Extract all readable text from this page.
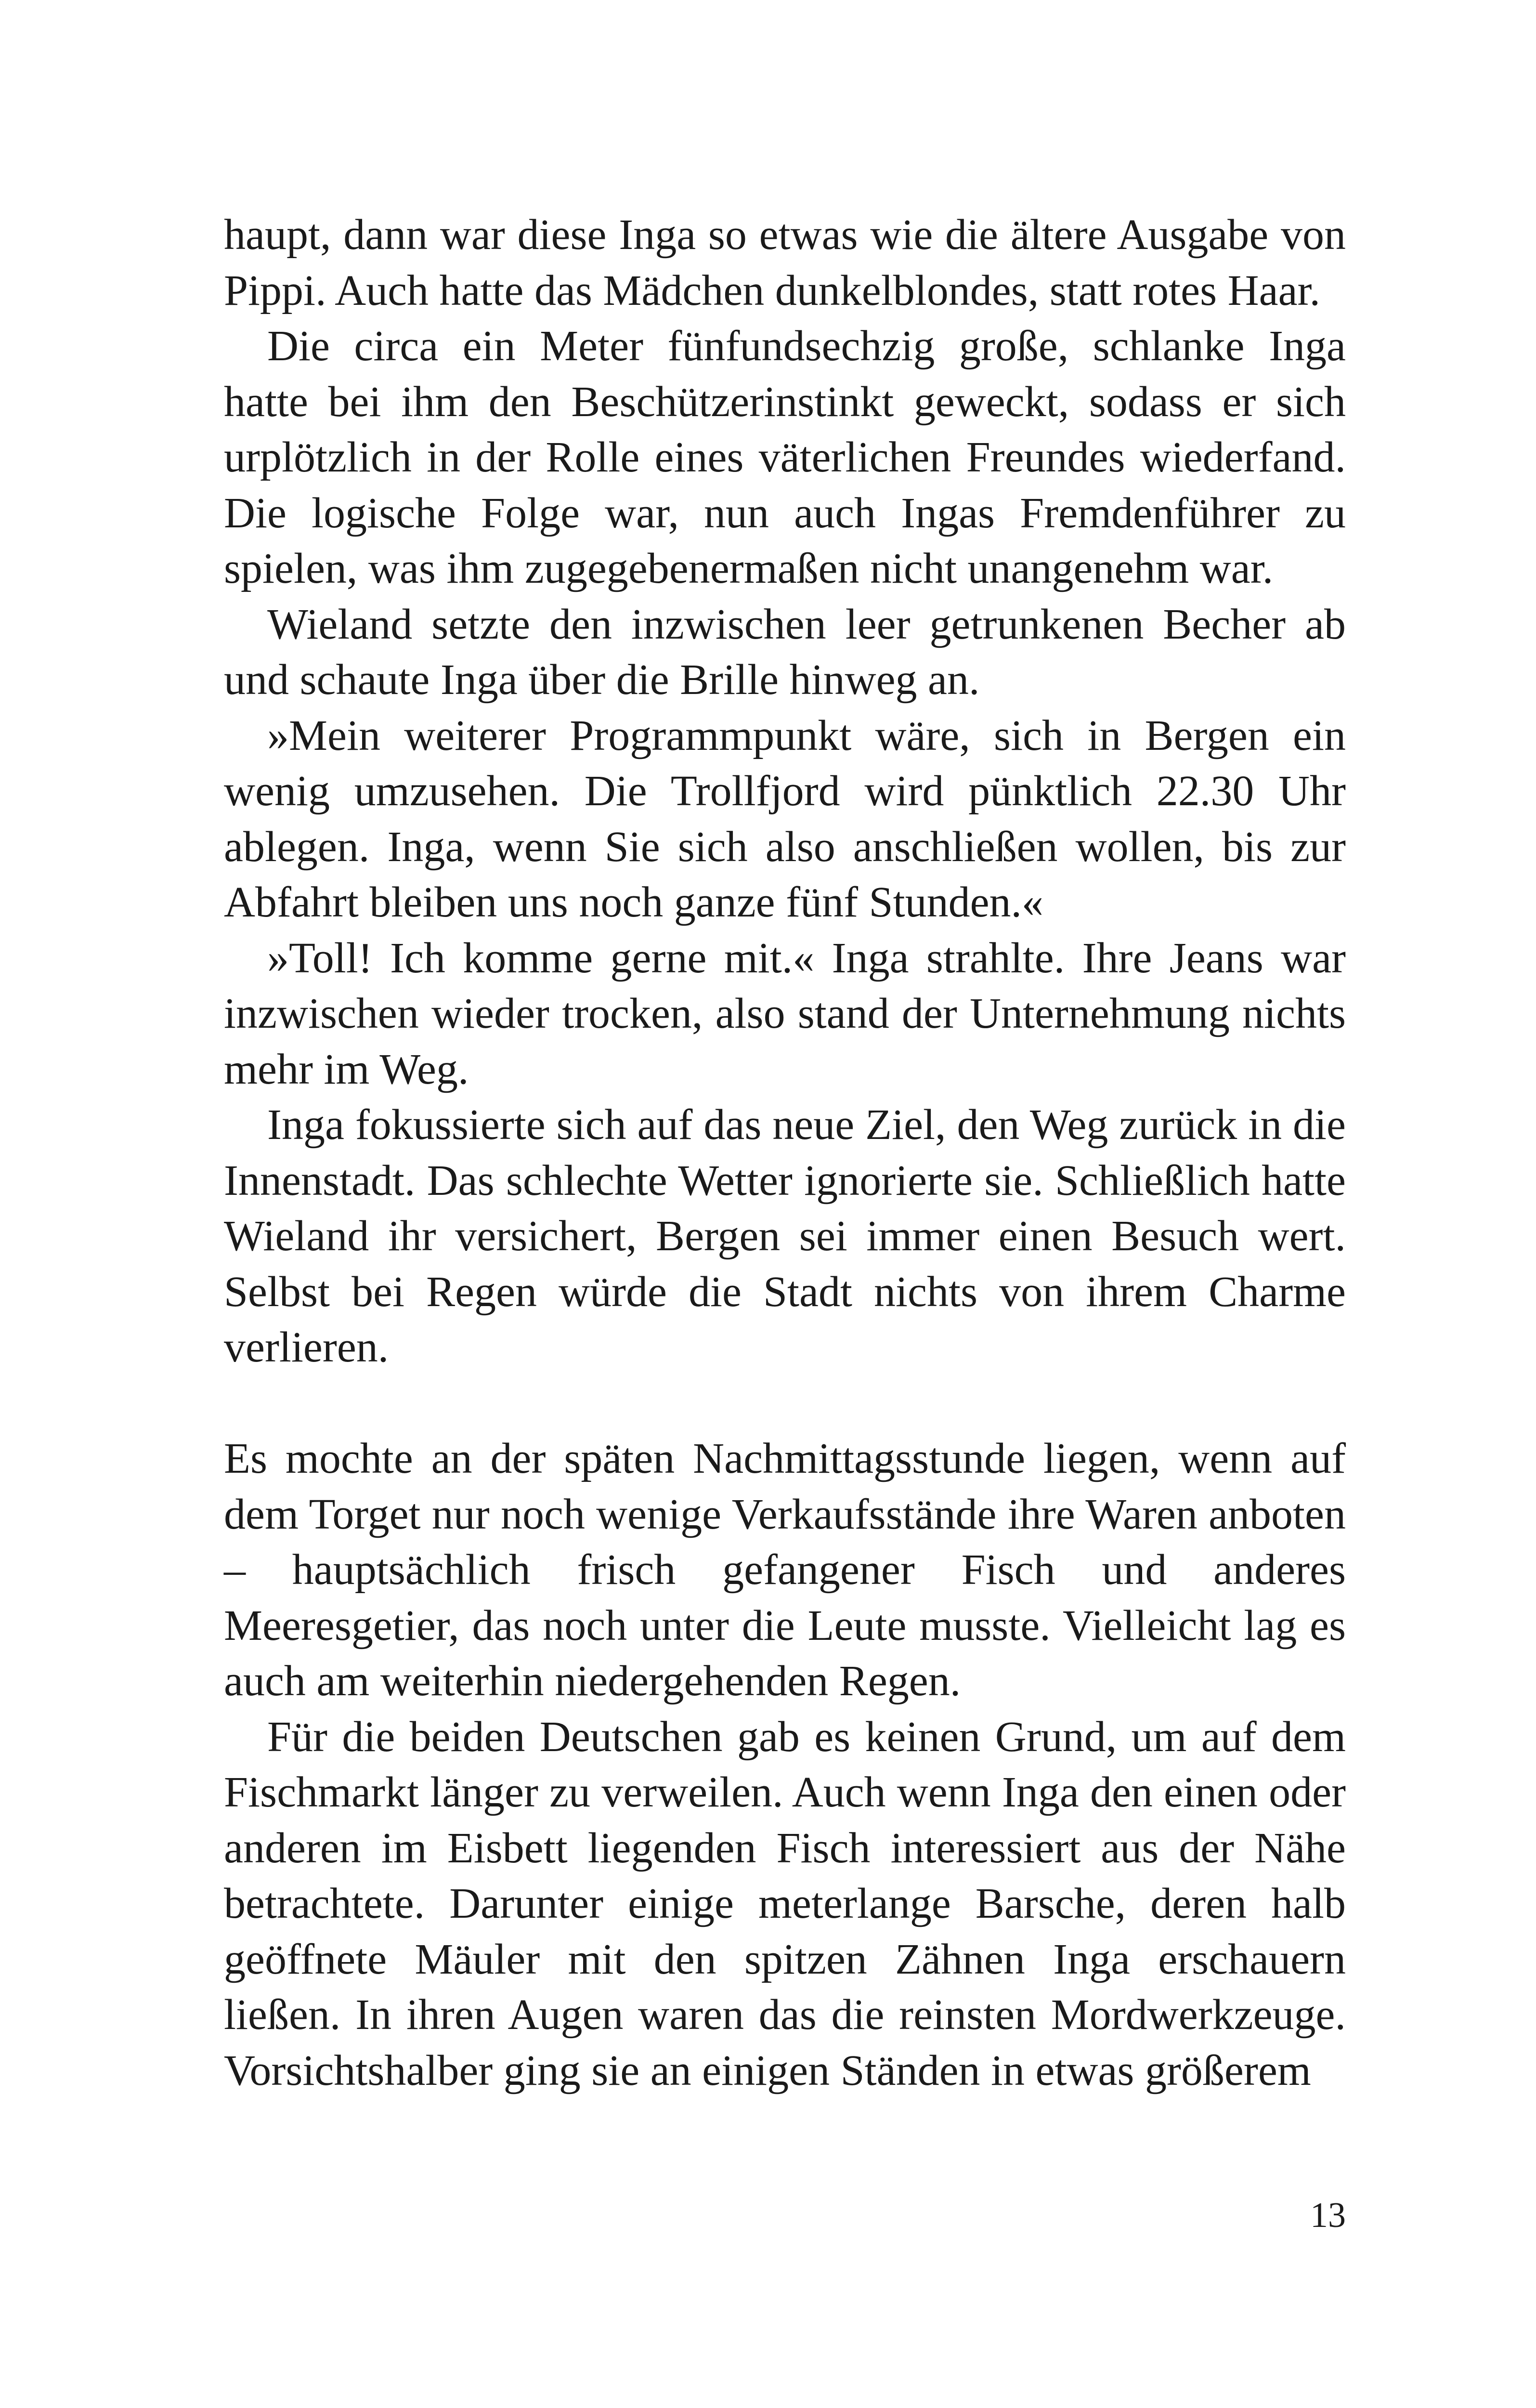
haupt, dann war diese Inga so etwas wie die ältere Ausgabe von Pippi. Auch hatte das Mädchen dunkelblondes, statt rotes Haar.

Die circa ein Meter fünfundsechzig große, schlanke Inga hatte bei ihm den Beschützerinstinkt geweckt, sodass er sich urplötzlich in der Rolle eines väterlichen Freundes wiederfand. Die logische Folge war, nun auch Ingas Fremdenführer zu spielen, was ihm zugegebenermaßen nicht unangenehm war.

Wieland setzte den inzwischen leer getrunkenen Becher ab und schaute Inga über die Brille hinweg an.

»Mein weiterer Programmpunkt wäre, sich in Bergen ein wenig umzusehen. Die Trollfjord wird pünktlich 22.30 Uhr ablegen. Inga, wenn Sie sich also anschließen wollen, bis zur Abfahrt bleiben uns noch ganze fünf Stunden.«

»Toll! Ich komme gerne mit.« Inga strahlte. Ihre Jeans war inzwischen wieder trocken, also stand der Unternehmung nichts mehr im Weg.

Inga fokussierte sich auf das neue Ziel, den Weg zurück in die Innenstadt. Das schlechte Wetter ignorierte sie. Schließlich hatte Wieland ihr versichert, Bergen sei immer einen Besuch wert. Selbst bei Regen würde die Stadt nichts von ihrem Charme verlieren.

Es mochte an der späten Nachmittagsstunde liegen, wenn auf dem Torget nur noch wenige Verkaufsstände ihre Waren anboten – hauptsächlich frisch gefangener Fisch und anderes Meeresgetier, das noch unter die Leute musste. Vielleicht lag es auch am weiterhin niedergehenden Regen.

Für die beiden Deutschen gab es keinen Grund, um auf dem Fischmarkt länger zu verweilen. Auch wenn Inga den einen oder anderen im Eisbett liegenden Fisch interessiert aus der Nähe betrachtete. Darunter einige meterlange Barsche, deren halb geöffnete Mäuler mit den spitzen Zähnen Inga erschauern ließen. In ihren Augen waren das die reinsten Mordwerkzeuge. Vorsichtshalber ging sie an einigen Ständen in etwas größerem

13
